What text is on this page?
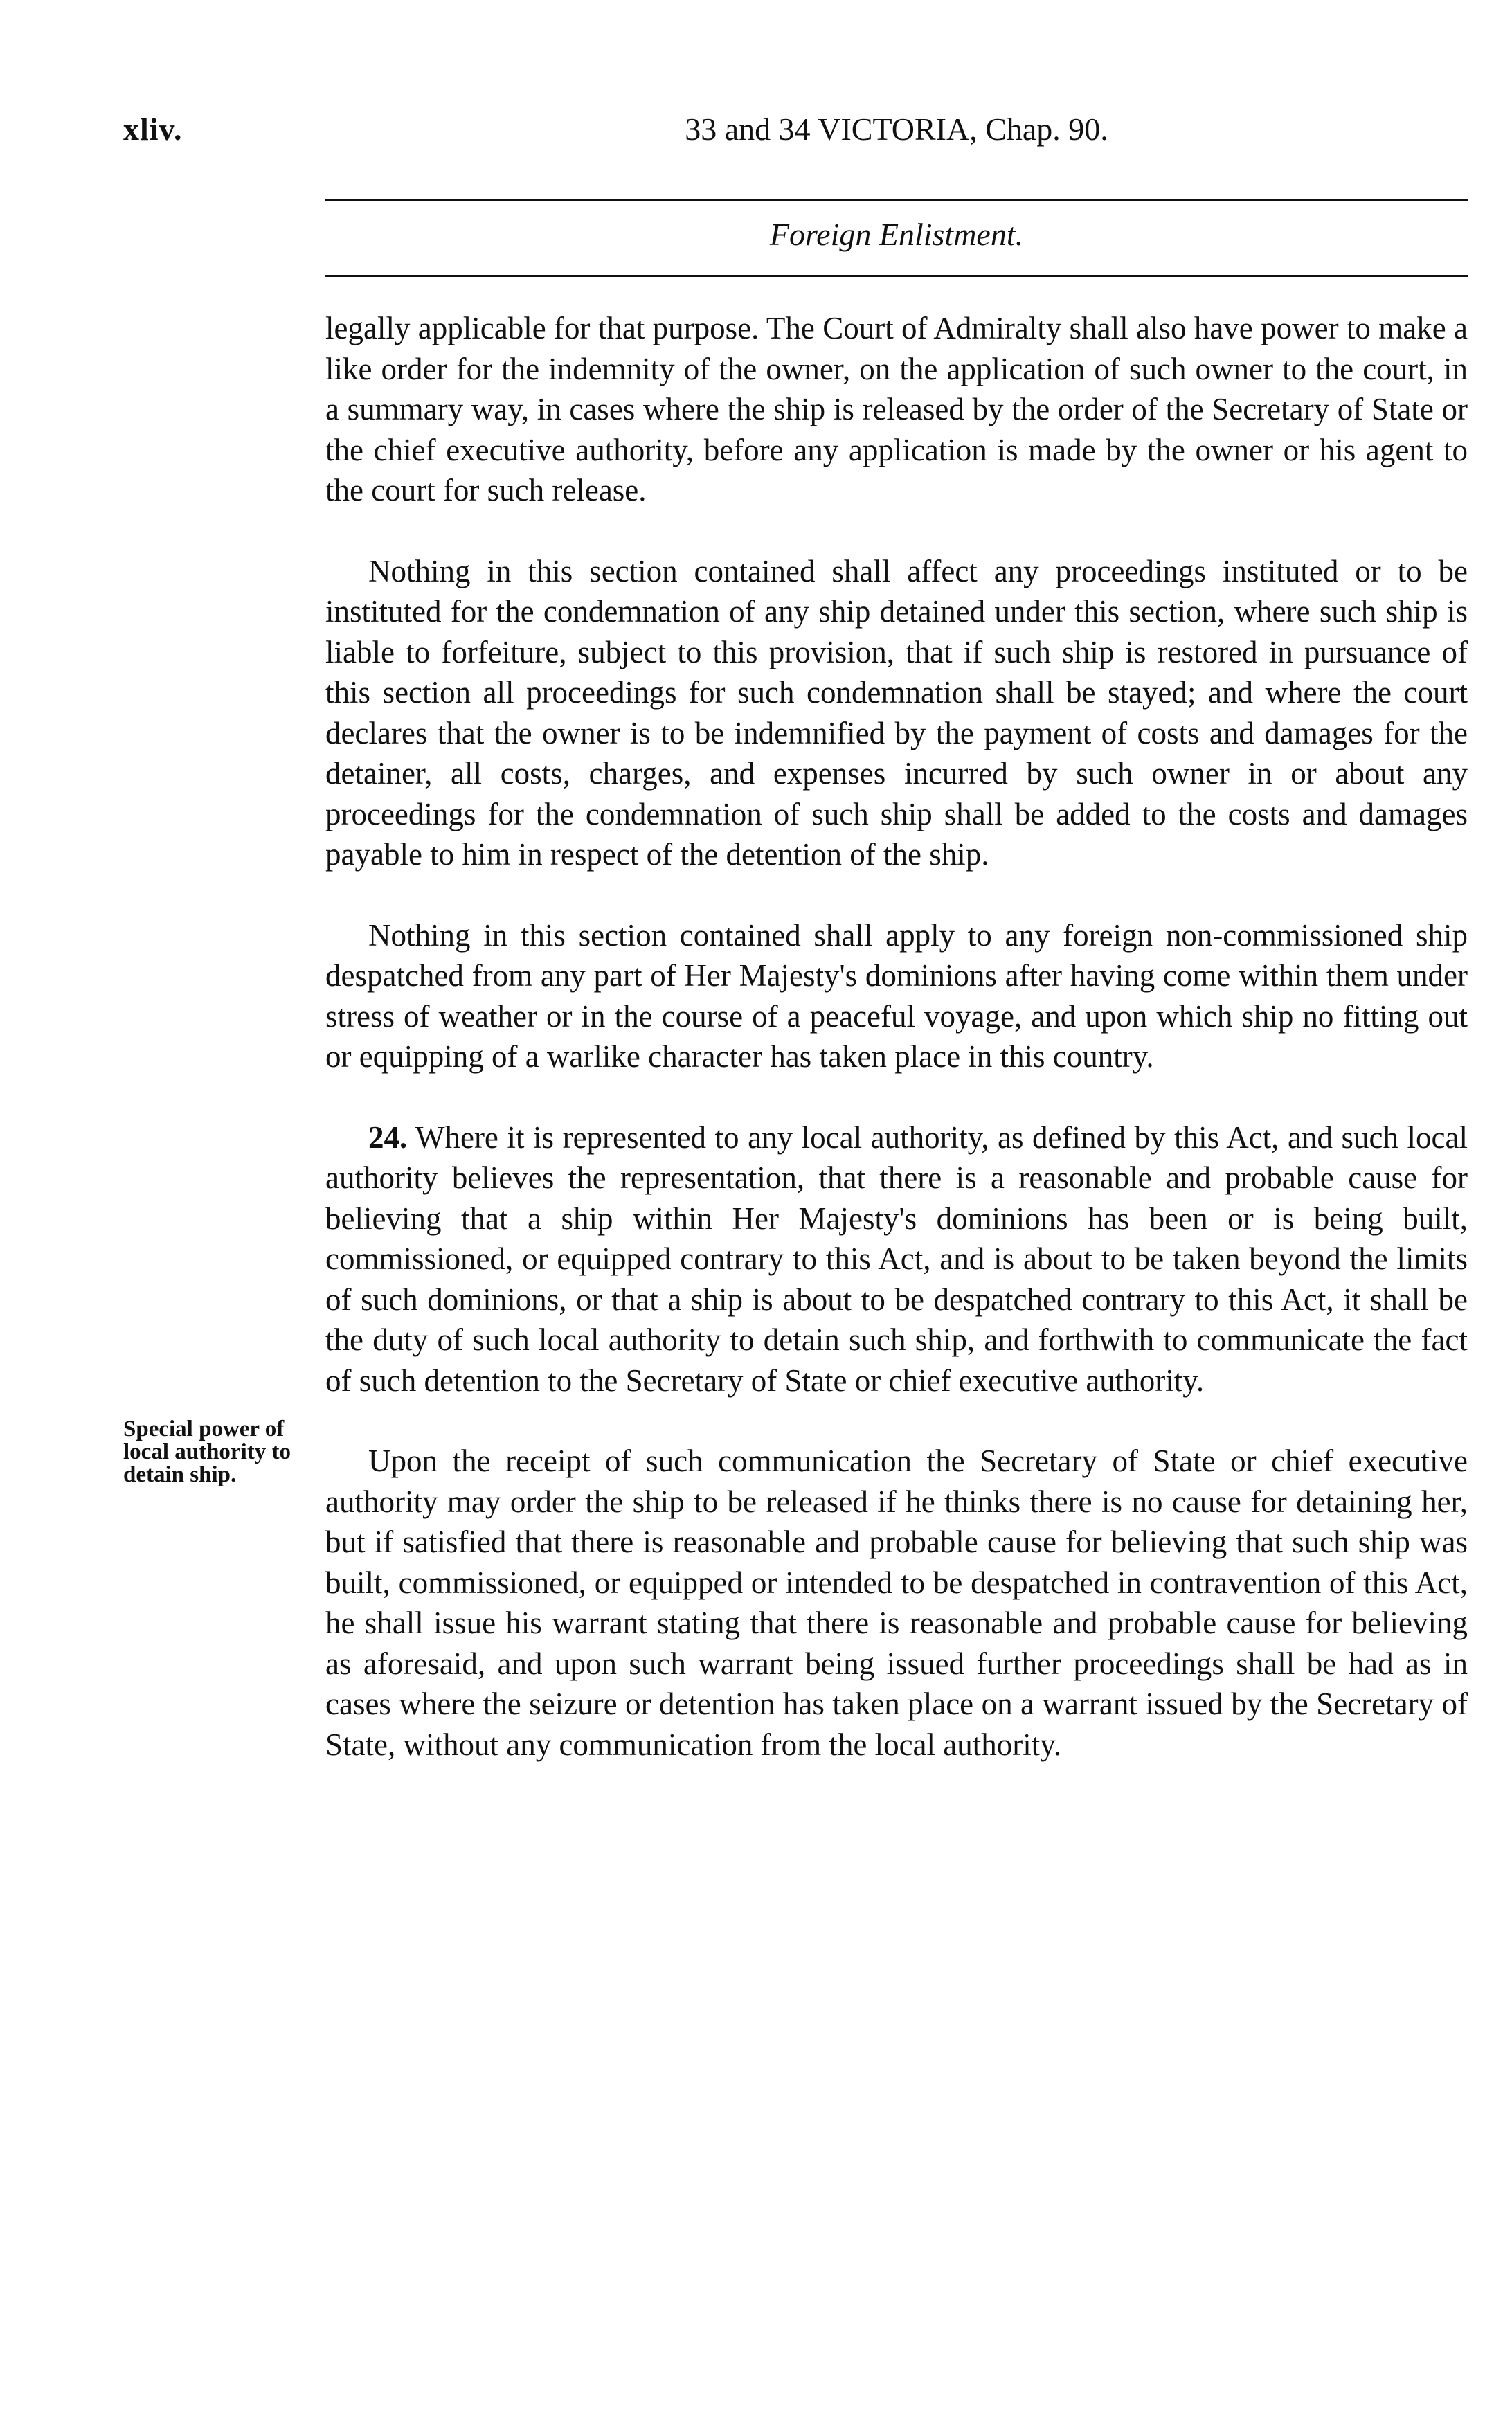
xliv.	33 and 34 VICTORIA, Chap. 90.
Foreign Enlistment.
Special power of local authority to detain ship.

legally applicable for that purpose. The Court of Admiralty shall also have power to make a like order for the indemnity of the owner, on the application of such owner to the court, in a summary way, in cases where the ship is released by the order of the Secretary of State or the chief executive authority, before any application is made by the owner or his agent to the court for such release.

Nothing in this section contained shall affect any proceedings instituted or to be instituted for the condemnation of any ship detained under this section, where such ship is liable to forfeiture, subject to this provision, that if such ship is restored in pursuance of this section all proceedings for such condemnation shall be stayed; and where the court declares that the owner is to be indemnified by the payment of costs and damages for the detainer, all costs, charges, and expenses incurred by such owner in or about any proceedings for the condemnation of such ship shall be added to the costs and damages payable to him in respect of the detention of the ship.

Nothing in this section contained shall apply to any foreign non-commissioned ship despatched from any part of Her Majesty's dominions after having come within them under stress of weather or in the course of a peaceful voyage, and upon which ship no fitting out or equipping of a warlike character has taken place in this country.

24. Where it is represented to any local authority, as defined by this Act, and such local authority believes the representation, that there is a reasonable and probable cause for believing that a ship within Her Majesty's dominions has been or is being built, commissioned, or equipped contrary to this Act, and is about to be taken beyond the limits of such dominions, or that a ship is about to be despatched contrary to this Act, it shall be the duty of such local authority to detain such ship, and forthwith to communicate the fact of such detention to the Secretary of State or chief executive authority.

Upon the receipt of such communication the Secretary of State or chief executive authority may order the ship to be released if he thinks there is no cause for detaining her, but if satisfied that there is reasonable and probable cause for believing that such ship was built, commissioned, or equipped or intended to be despatched in contravention of this Act, he shall issue his warrant stating that there is reasonable and probable cause for believing as aforesaid, and upon such warrant being issued further proceedings shall be had as in cases where the seizure or detention has taken place on a warrant issued by the Secretary of State, without any communication from the local authority.
